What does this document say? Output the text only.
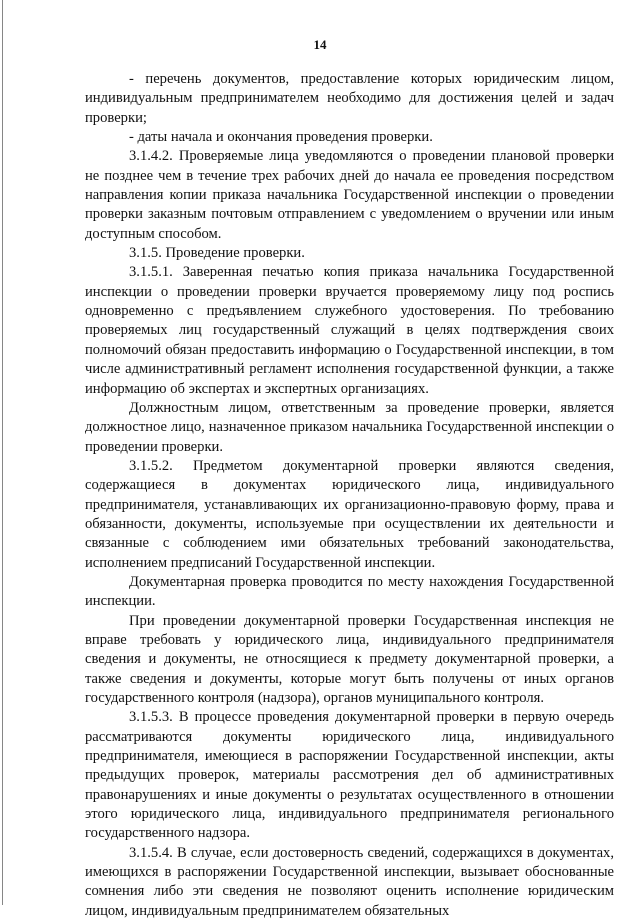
14

- перечень документов, предоставление которых юридическим лицом, индивидуальным предпринимателем необходимо для достижения целей и задач проверки;

- даты начала и окончания проведения проверки.

3.1.4.2. Проверяемые лица уведомляются о проведении плановой проверки не позднее чем в течение трех рабочих дней до начала ее проведения посредством направления копии приказа начальника Государственной инспекции о проведении проверки заказным почтовым отправлением с уведомлением о вручении или иным доступным способом.

3.1.5. Проведение проверки.

3.1.5.1. Заверенная печатью копия приказа начальника Государственной инспекции о проведении проверки вручается проверяемому лицу под роспись одновременно с предъявлением служебного удостоверения. По требованию проверяемых лиц государственный служащий в целях подтверждения своих полномочий обязан предоставить информацию о Государственной инспекции, в том числе административный регламент исполнения государственной функции, а также информацию об экспертах и экспертных организациях.

Должностным лицом, ответственным за проведение проверки, является должностное лицо, назначенное приказом начальника Государственной инспекции о проведении проверки.

3.1.5.2. Предметом документарной проверки являются сведения, содержащиеся в документах юридического лица, индивидуального предпринимателя, устанавливающих их организационно-правовую форму, права и обязанности, документы, используемые при осуществлении их деятельности и связанные с соблюдением ими обязательных требований законодательства, исполнением предписаний Государственной инспекции.

Документарная проверка проводится по месту нахождения Государственной инспекции.

При проведении документарной проверки Государственная инспекция не вправе требовать у юридического лица, индивидуального предпринимателя сведения и документы, не относящиеся к предмету документарной проверки, а также сведения и документы, которые могут быть получены от иных органов государственного контроля (надзора), органов муниципального контроля.

3.1.5.3. В процессе проведения документарной проверки в первую очередь рассматриваются документы юридического лица, индивидуального предпринимателя, имеющиеся в распоряжении Государственной инспекции, акты предыдущих проверок, материалы рассмотрения дел об административных правонарушениях и иные документы о результатах осуществленного в отношении этого юридического лица, индивидуального предпринимателя регионального государственного надзора.

3.1.5.4. В случае, если достоверность сведений, содержащихся в документах, имеющихся в распоряжении Государственной инспекции, вызывает обоснованные сомнения либо эти сведения не позволяют оценить исполнение юридическим лицом, индивидуальным предпринимателем обязательных
